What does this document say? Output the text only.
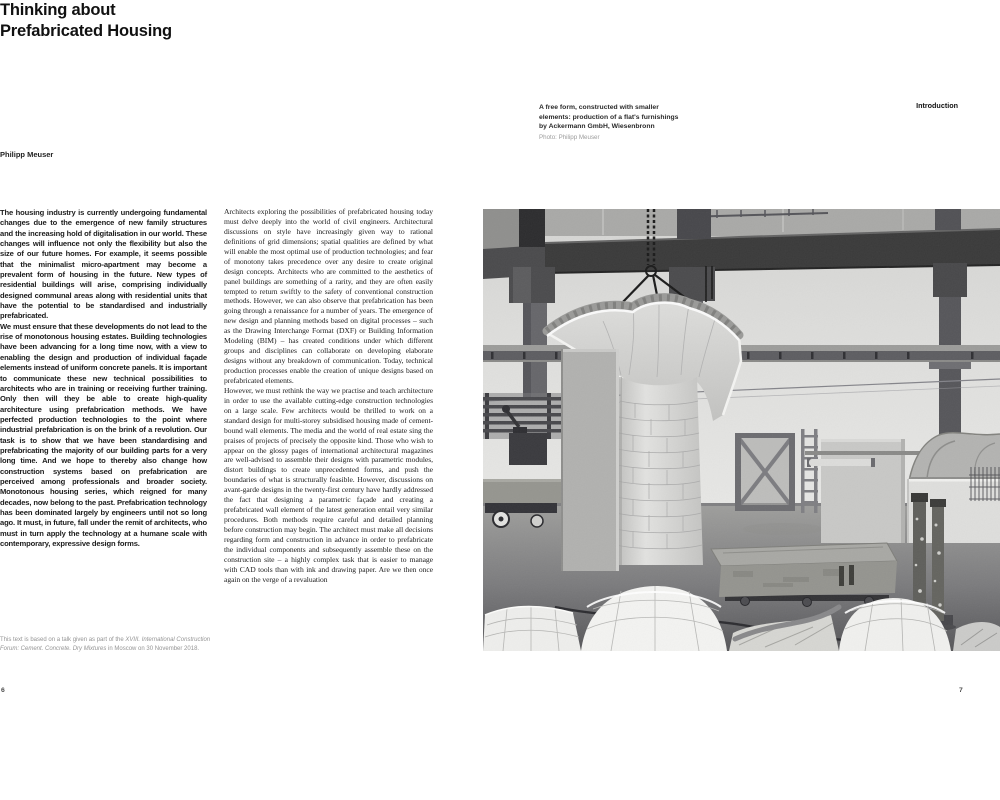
Thinking about
Prefabricated Housing
Philipp Meuser

The housing industry is currently undergoing fundamental changes due to the emergence of new family structures and the increasing hold of digitalisation in our world. These changes will influence not only the flexibility but also the size of our future homes. For example, it seems possible that the minimalist micro-apartment may become a prevalent form of housing in the future. New types of residential buildings will arise, comprising individually designed communal areas along with residential units that have the potential to be standardised and industrially prefabricated.

We must ensure that these developments do not lead to the rise of monotonous housing estates. Building technologies have been advancing for a long time now, with a view to enabling the design and production of individual façade elements instead of uniform concrete panels. It is important to communicate these new technical possibilities to architects who are in training or receiving further training. Only then will they be able to create high-quality architecture using prefabrication methods. We have perfected production technologies to the point where industrial prefabrication is on the brink of a revolution. Our task is to show that we have been standardising and prefabricating the majority of our building parts for a very long time. And we hope to thereby also change how construction systems based on prefabrication are perceived among professionals and broader society. Monotonous housing series, which reigned for many decades, now belong to the past. Prefabrication technology has been dominated largely by engineers until not so long ago. It must, in future, fall under the remit of architects, who must in turn apply the technology at a humane scale with contemporary, expressive design forms.

This text is based on a talk given as part of the XVIII. International Construction Forum: Cement. Concrete. Dry Mixtures in Moscow on 30 November 2018.
6

Architects exploring the possibilities of prefabricated housing today must delve deeply into the world of civil engineers. Architectural discussions on style have increasingly given way to rational definitions of grid dimensions; spatial qualities are defined by what will enable the most optimal use of production technologies; and fear of monotony takes precedence over any desire to create original design concepts. Architects who are committed to the aesthetics of panel buildings are something of a rarity, and they are often easily tempted to return swiftly to the safety of conventional construction methods. However, we can also observe that prefabrication has been going through a renaissance for a number of years. The emergence of new design and planning methods based on digital processes – such as the Drawing Interchange Format (DXF) or Building Information Modeling (BIM) – has created conditions under which different groups and disciplines can collaborate on developing elaborate designs without any breakdown of communication. Today, technical production processes enable the creation of unique designs based on prefabricated elements.

However, we must rethink the way we practise and teach architecture in order to use the available cutting-edge construction technologies on a large scale. Few architects would be thrilled to work on a standard design for multi-storey subsidised housing made of cement-bound wall elements. The media and the world of real estate sing the praises of projects of precisely the opposite kind. Those who wish to appear on the glossy pages of international architectural magazines are well-advised to assemble their designs with parametric modules, distort buildings to create unprecedented forms, and push the boundaries of what is structurally feasible. However, discussions on avant-garde designs in the twenty-first century have hardly addressed the fact that designing a parametric façade and creating a prefabricated wall element of the latest generation entail very similar procedures. Both methods require careful and detailed planning before construction may begin. The architect must make all decisions regarding form and construction in advance in order to prefabricate the individual components and subsequently assemble these on the construction site – a highly complex task that is easier to manage with CAD tools than with ink and drawing paper. Are we then once again on the verge of a revaluation

A free form, constructed with smaller
elements: production of a flat's furnishings
by Ackermann GmbH, Wiesenbronn
Photo: Philipp Meuser
Introduction
7
